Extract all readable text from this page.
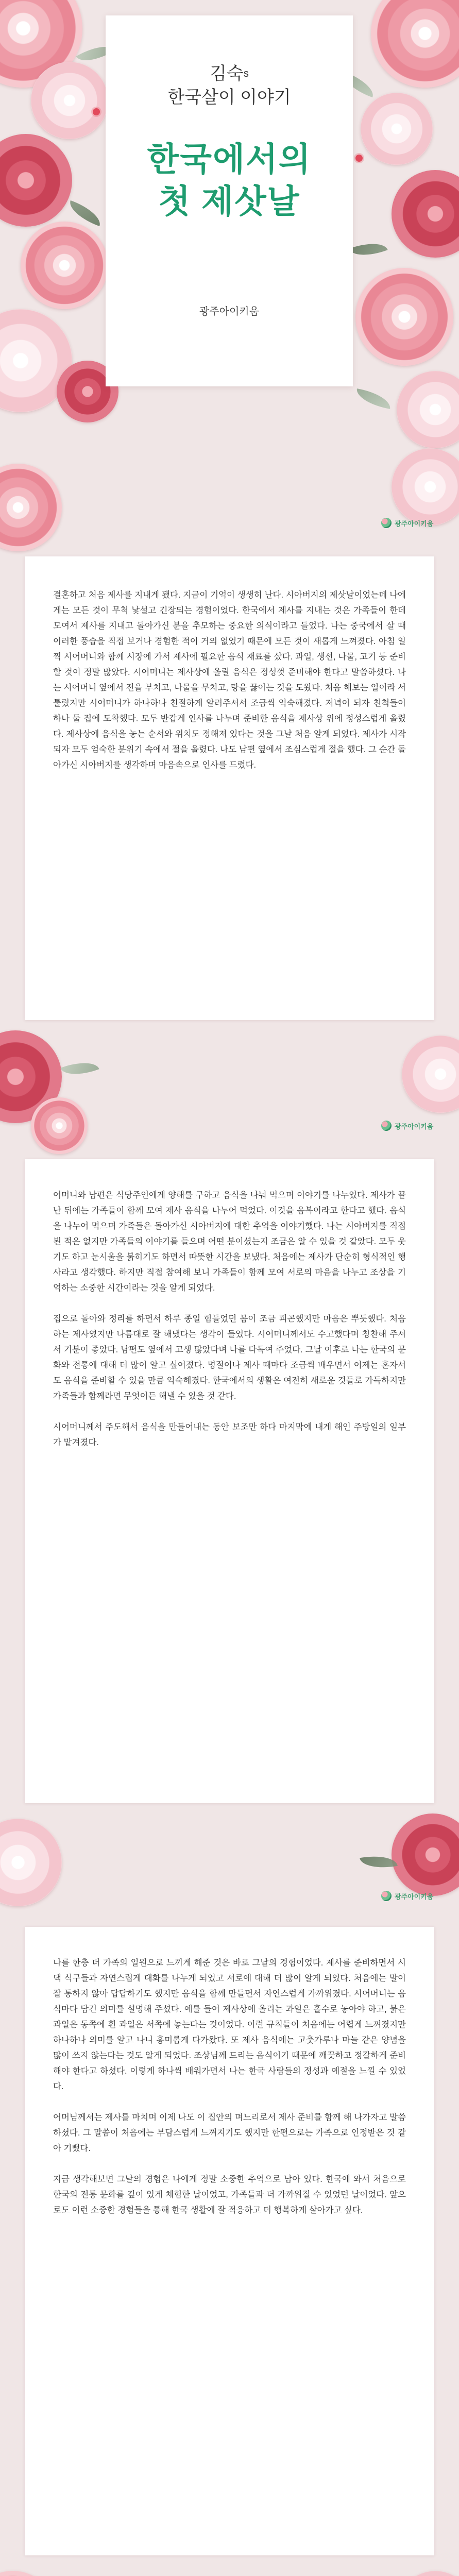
김숙$^s$
한국살이 이야기
한국에서의
첫 제삿날
광주아이키움
광주아이키움

결혼하고 처음 제사를 지내게 됐다. 지금이 기억이 생생히 난다. 시아버지의 제삿날이었는데 나에게는 모든 것이 무척 낯설고 긴장되는 경험이었다. 한국에서 제사를 지내는 것은 가족들이 한데 모여서 제사를 지내고 돌아가신 분을 추모하는 중요한 의식이라고 들었다. 나는 중국에서 살 때 이러한 풍습을 직접 보거나 경험한 적이 거의 없었기 때문에 모든 것이 새롭게 느껴졌다. 아침 일찍 시어머니와 함께 시장에 가서 제사에 필요한 음식 재료를 샀다. 과일, 생선, 나물, 고기 등 준비할 것이 정말 많았다. 시어머니는 제사상에 올릴 음식은 정성껏 준비해야 한다고 말씀하셨다. 나는 시어머니 옆에서 전을 부치고, 나물을 무치고, 탕을 끓이는 것을 도왔다. 처음 해보는 일이라 서툴렀지만 시어머니가 하나하나 친절하게 알려주셔서 조금씩 익숙해졌다. 저녁이 되자 친척들이 하나 둘 집에 도착했다. 모두 반갑게 인사를 나누며 준비한 음식을 제사상 위에 정성스럽게 올렸다. 제사상에 음식을 놓는 순서와 위치도 정해져 있다는 것을 그날 처음 알게 되었다. 제사가 시작되자 모두 엄숙한 분위기 속에서 절을 올렸다. 나도 남편 옆에서 조심스럽게 절을 했다. 그 순간 돌아가신 시아버지를 생각하며 마음속으로 인사를 드렸다.

광주아이키움

어머니와 남편은 식당주인에게 양해를 구하고 음식을 나눠 먹으며 이야기를 나누었다. 제사가 끝난 뒤에는 가족들이 함께 모여 제사 음식을 나누어 먹었다. 이것을 음복이라고 한다고 했다. 음식을 나누어 먹으며 가족들은 돌아가신 시아버지에 대한 추억을 이야기했다. 나는 시아버지를 직접 뵌 적은 없지만 가족들의 이야기를 들으며 어떤 분이셨는지 조금은 알 수 있을 것 같았다. 모두 웃기도 하고 눈시울을 붉히기도 하면서 따뜻한 시간을 보냈다. 처음에는 제사가 단순히 형식적인 행사라고 생각했다. 하지만 직접 참여해 보니 가족들이 함께 모여 서로의 마음을 나누고 조상을 기억하는 소중한 시간이라는 것을 알게 되었다.

집으로 돌아와 정리를 하면서 하루 종일 힘들었던 몸이 조금 피곤했지만 마음은 뿌듯했다. 처음 하는 제사였지만 나름대로 잘 해냈다는 생각이 들었다. 시어머니께서도 수고했다며 칭찬해 주셔서 기분이 좋았다. 남편도 옆에서 고생 많았다며 나를 다독여 주었다. 그날 이후로 나는 한국의 문화와 전통에 대해 더 많이 알고 싶어졌다. 명절이나 제사 때마다 조금씩 배우면서 이제는 혼자서도 음식을 준비할 수 있을 만큼 익숙해졌다. 한국에서의 생활은 여전히 새로운 것들로 가득하지만 가족들과 함께라면 무엇이든 해낼 수 있을 것 같다.

시어머니께서 주도해서 음식을 만들어내는 동안 보조만 하다 마지막에 내게 해인 주방일의 일부가 맡겨졌다.

광주아이키움

나를 한층 더 가족의 일원으로 느끼게 해준 것은 바로 그날의 경험이었다. 제사를 준비하면서 시댁 식구들과 자연스럽게 대화를 나누게 되었고 서로에 대해 더 많이 알게 되었다. 처음에는 말이 잘 통하지 않아 답답하기도 했지만 음식을 함께 만들면서 자연스럽게 가까워졌다. 시어머니는 음식마다 담긴 의미를 설명해 주셨다. 예를 들어 제사상에 올리는 과일은 홀수로 놓아야 하고, 붉은 과일은 동쪽에 흰 과일은 서쪽에 놓는다는 것이었다. 이런 규칙들이 처음에는 어렵게 느껴졌지만 하나하나 의미를 알고 나니 흥미롭게 다가왔다. 또 제사 음식에는 고춧가루나 마늘 같은 양념을 많이 쓰지 않는다는 것도 알게 되었다. 조상님께 드리는 음식이기 때문에 깨끗하고 정갈하게 준비해야 한다고 하셨다. 이렇게 하나씩 배워가면서 나는 한국 사람들의 정성과 예절을 느낄 수 있었다.

어머님께서는 제사를 마치며 이제 나도 이 집안의 며느리로서 제사 준비를 함께 해 나가자고 말씀하셨다. 그 말씀이 처음에는 부담스럽게 느껴지기도 했지만 한편으로는 가족으로 인정받은 것 같아 기뻤다.

지금 생각해보면 그날의 경험은 나에게 정말 소중한 추억으로 남아 있다. 한국에 와서 처음으로 한국의 전통 문화를 깊이 있게 체험한 날이었고, 가족들과 더 가까워질 수 있었던 날이었다. 앞으로도 이런 소중한 경험들을 통해 한국 생활에 잘 적응하고 더 행복하게 살아가고 싶다.
